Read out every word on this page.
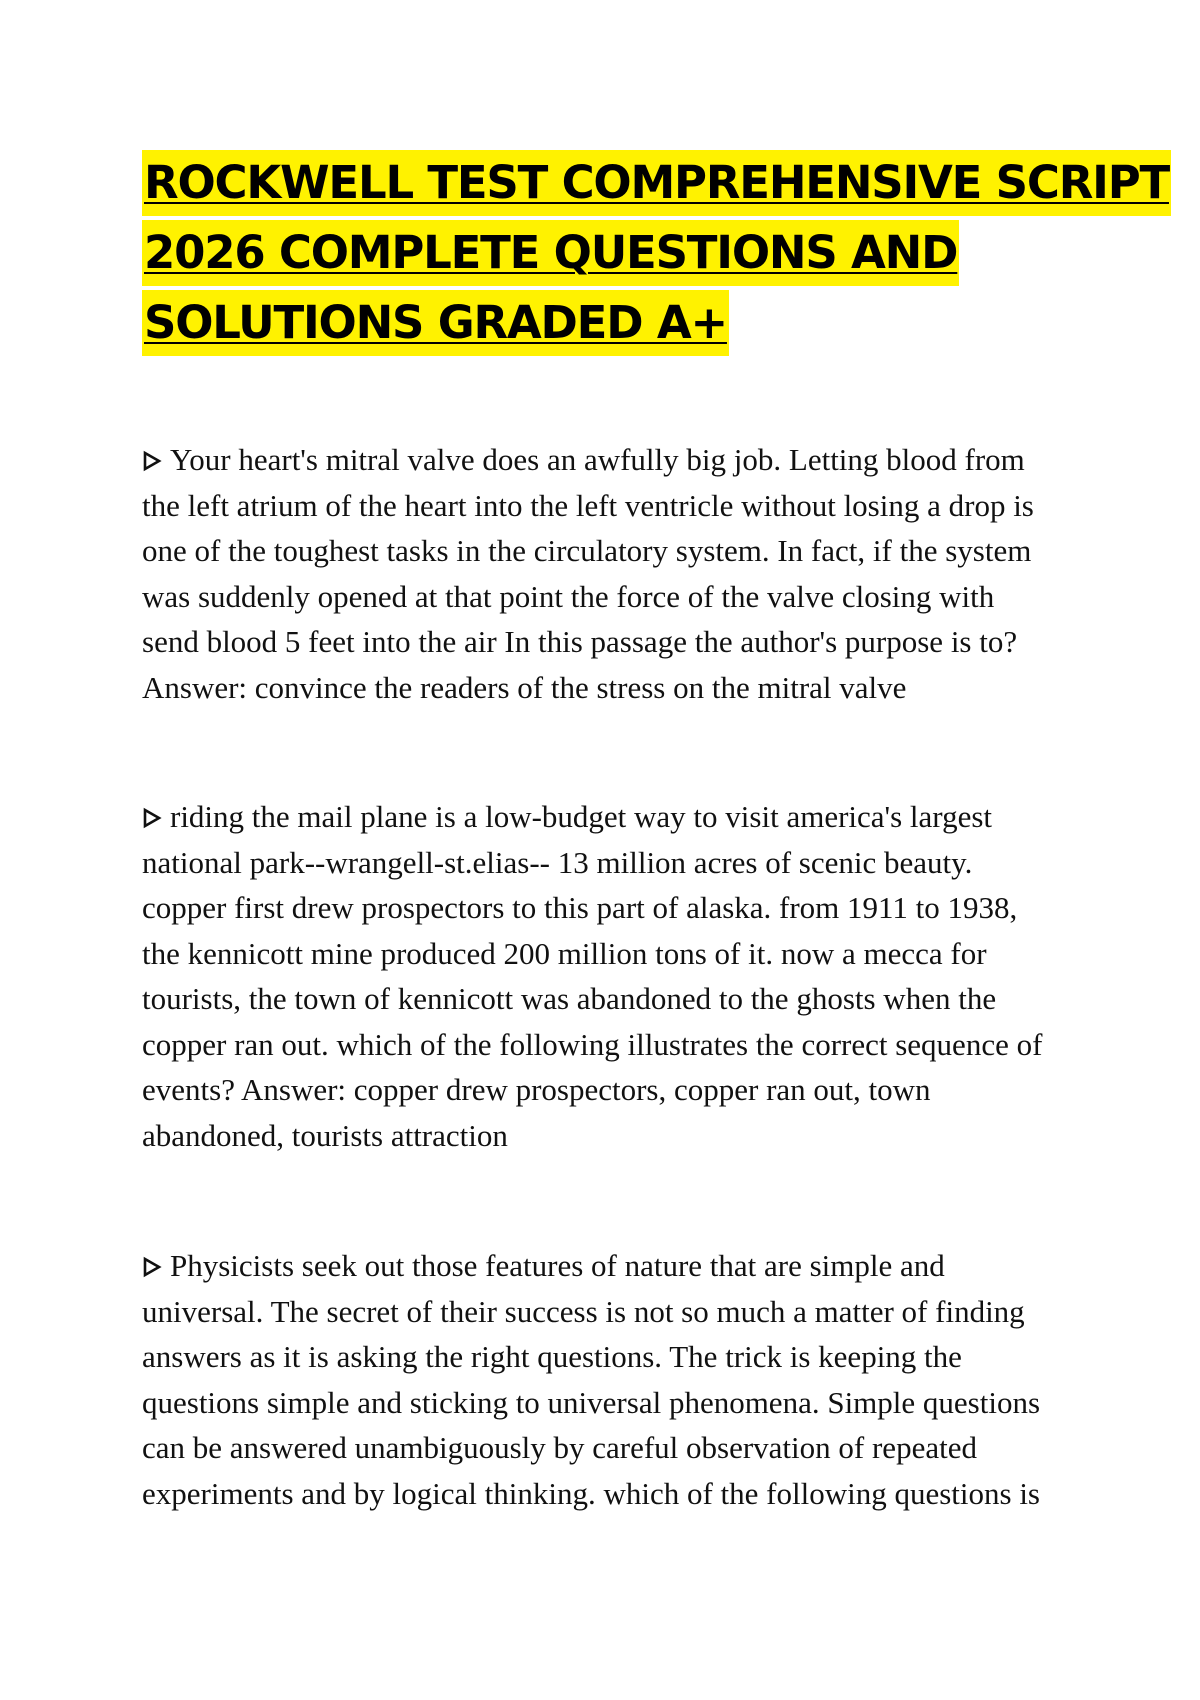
ROCKWELL TEST COMPREHENSIVE SCRIPT
2026 COMPLETE QUESTIONS AND
SOLUTIONS GRADED A+
Your heart's mitral valve does an awfully big job. Letting blood from
the left atrium of the heart into the left ventricle without losing a drop is
one of the toughest tasks in the circulatory system. In fact, if the system
was suddenly opened at that point the force of the valve closing with
send blood 5 feet into the air In this passage the author's purpose is to?
Answer: convince the readers of the stress on the mitral valve
riding the mail plane is a low-budget way to visit america's largest
national park--wrangell-st.elias-- 13 million acres of scenic beauty.
copper first drew prospectors to this part of alaska. from 1911 to 1938,
the kennicott mine produced 200 million tons of it. now a mecca for
tourists, the town of kennicott was abandoned to the ghosts when the
copper ran out. which of the following illustrates the correct sequence of
events? Answer: copper drew prospectors, copper ran out, town
abandoned, tourists attraction
Physicists seek out those features of nature that are simple and
universal. The secret of their success is not so much a matter of finding
answers as it is asking the right questions. The trick is keeping the
questions simple and sticking to universal phenomena. Simple questions
can be answered unambiguously by careful observation of repeated
experiments and by logical thinking. which of the following questions is
